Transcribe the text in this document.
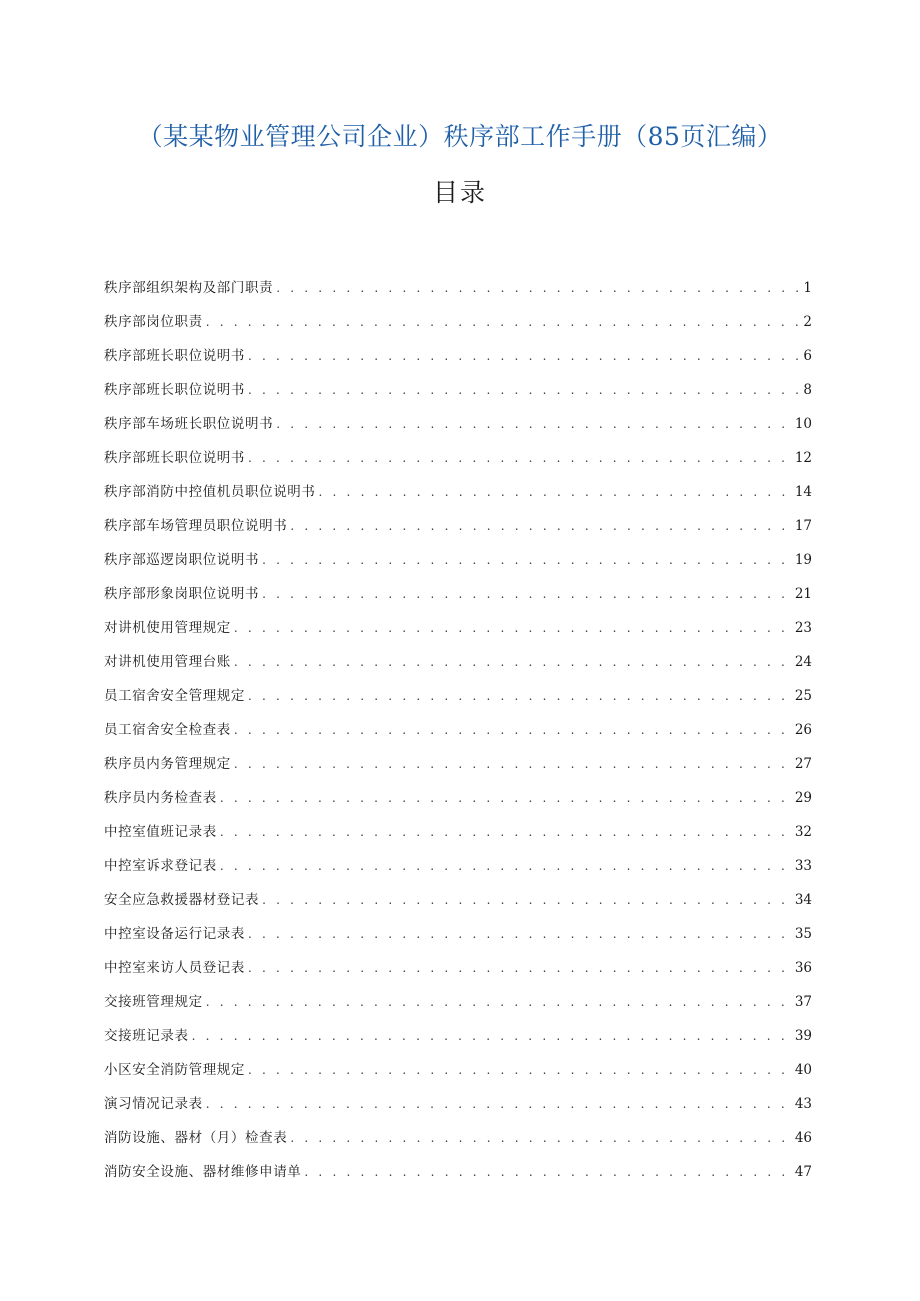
（某某物业管理公司企业）秩序部工作手册（85页汇编）
目录
秩序部组织架构及部门职责 . . .	1
秩序部岗位职责 . . .	2
秩序部班长职位说明书 . . .	6
秩序部班长职位说明书 . . .	8
秩序部车场班长职位说明书 . . .	10
秩序部班长职位说明书 . . .	12
秩序部消防中控值机员职位说明书 . . .	14
秩序部车场管理员职位说明书 . . .	17
秩序部巡逻岗职位说明书 . . .	19
秩序部形象岗职位说明书 . . .	21
对讲机使用管理规定 . . .	23
对讲机使用管理台账 . . .	24
员工宿舍安全管理规定 . . .	25
员工宿舍安全检查表 . . .	26
秩序员内务管理规定 . . .	27
秩序员内务检查表 . . .	29
中控室值班记录表 . . .	32
中控室诉求登记表 . . .	33
安全应急救援器材登记表 . . .	34
中控室设备运行记录表 . . .	35
中控室来访人员登记表 . . .	36
交接班管理规定 . . .	37
交接班记录表 . . .	39
小区安全消防管理规定 . . .	40
演习情况记录表 . . .	43
消防设施、器材（月）检查表 . . .	46
消防安全设施、器材维修申请单 . . .	47
